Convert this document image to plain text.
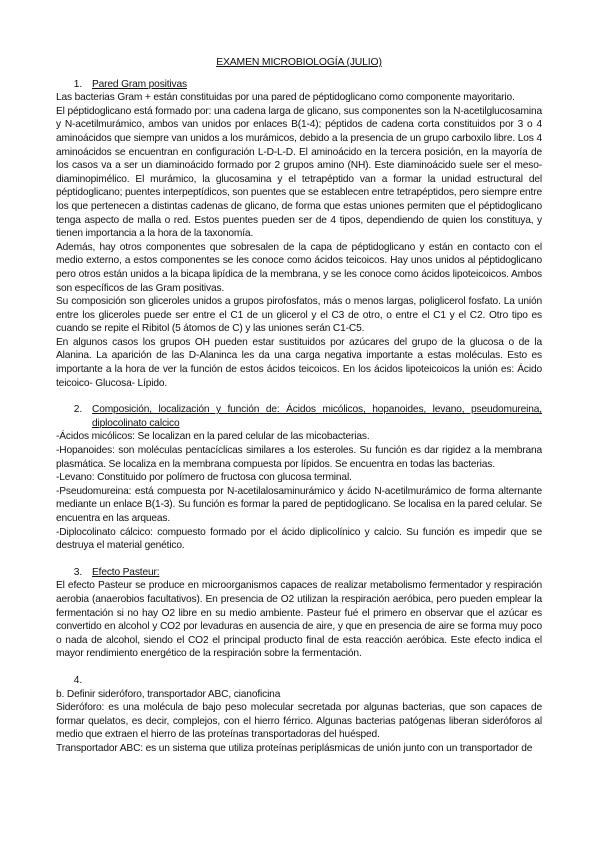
EXAMEN MICROBIOLOGÍA (JULIO)
1. Pared Gram positivas

Las bacterias Gram + están constituidas por una pared de péptidoglicano como componente mayoritario.

El péptidoglicano está formado por: una cadena larga de glicano, sus componentes son la N-acetilglucosamina y N-acetilmurámico, ambos van unidos por enlaces B(1-4); péptidos de cadena corta constituidos por 3 o 4 aminoácidos que siempre van unidos a los murámicos, debido a la presencia de un grupo carboxilo libre. Los 4 aminoácidos se encuentran en configuración L-D-L-D. El aminoácido en la tercera posición, en la mayoría de los casos va a ser un diaminoácido formado por 2 grupos amino (NH). Este diaminoácido suele ser el meso-diaminopimélico. El murámico, la glucosamina y el tetrapéptido van a formar la unidad estructural del péptidoglicano; puentes interpeptídicos, son puentes que se establecen entre tetrapéptidos, pero siempre entre los que pertenecen a distintas cadenas de glicano, de forma que estas uniones permiten que el péptidoglicano tenga aspecto de malla o red. Estos puentes pueden ser de 4 tipos, dependiendo de quien los constituya, y tienen importancia a la hora de la taxonomía.

Además, hay otros componentes que sobresalen de la capa de péptidoglicano y están en contacto con el medio externo, a estos componentes se les conoce como ácidos teicoicos. Hay unos unidos al péptidoglicano pero otros están unidos a la bicapa lipídica de la membrana, y se les conoce como ácidos lipoteicoicos. Ambos son específicos de las Gram positivas.

Su composición son gliceroles unidos a grupos pirofosfatos, más o menos largas, poliglicerol fosfato. La unión entre los gliceroles puede ser entre el C1 de un glicerol y el C3 de otro, o entre el C1 y el C2. Otro tipo es cuando se repite el Ribitol (5 átomos de C) y las uniones serán C1-C5.

En algunos casos los grupos OH pueden estar sustituidos por azúcares del grupo de la glucosa o de la Alanina. La aparición de las D-Alaninca les da una carga negativa importante a estas moléculas. Esto es importante a la hora de ver la función de estos ácidos teicoicos. En los ácidos lipoteicoicos la unión es: Ácido teicoico- Glucosa- Lípido.

2. Composición, localización y función de: Ácidos micólicos, hopanoides, levano, pseudomureina, diplocolinato calcico

-Ácidos micólicos: Se localizan en la pared celular de las micobacterias.

-Hopanoides: son moléculas pentacíclicas similares a los esteroles. Su función es dar rigidez a la membrana plasmática. Se localiza en la membrana compuesta por lípidos. Se encuentra en todas las bacterias.

-Levano: Constituido por polímero de fructosa con glucosa terminal.

-Pseudomureina: está compuesta por N-acetilalosaminurámico y ácido N-acetilmurámico de forma alternante mediante un enlace B(1-3). Su función es formar la pared de peptidoglicano. Se localisa en la pared celular. Se encuentra en las arqueas.

-Diplocolinato cálcico: compuesto formado por el ácido diplicolínico y calcio. Su función es impedir que se destruya el material genético.

3. Efecto Pasteur:

El efecto Pasteur se produce en microorganismos capaces de realizar metabolismo fermentador y respiración aerobia (anaerobios facultativos). En presencia de O2 utilizan la respiración aeróbica, pero pueden emplear la fermentación si no hay O2 libre en su medio ambiente. Pasteur fué el primero en observar que el azúcar es convertido en alcohol y CO2 por levaduras en ausencia de aire, y que en presencia de aire se forma muy poco o nada de alcohol, siendo el CO2 el principal producto final de esta reacción aeróbica. Este efecto indica el mayor rendimiento energético de la respiración sobre la fermentación.

4.

b. Definir sideróforo, transportador ABC, cianoficina

Sideróforo: es una molécula de bajo peso molecular secretada por algunas bacterias, que son capaces de formar quelatos, es decir, complejos, con el hierro férrico. Algunas bacterias patógenas liberan sideróforos al medio que extraen el hierro de las proteínas transportadoras del huésped.

Transportador ABC: es un sistema que utiliza proteínas periplásmicas de unión junto con un transportador de
